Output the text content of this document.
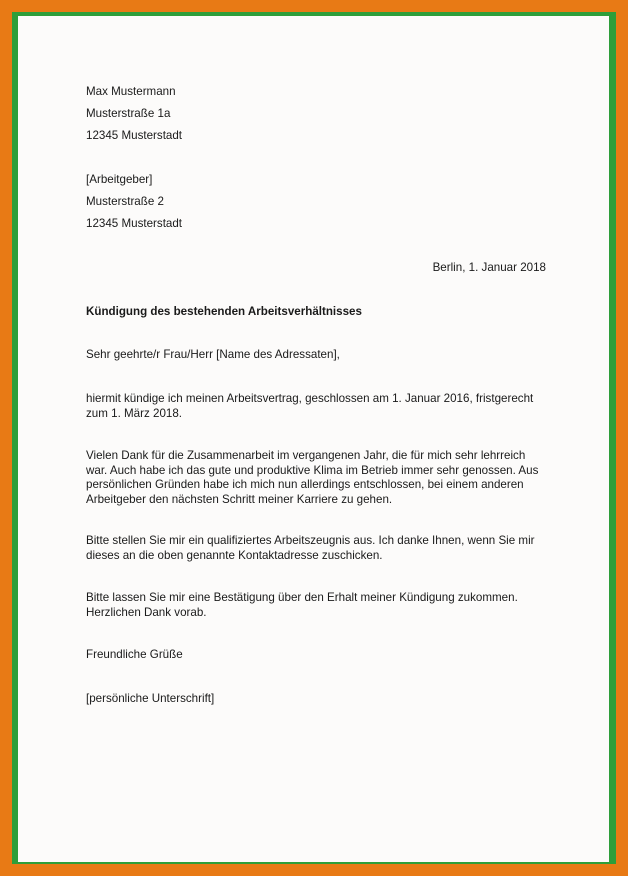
Max Mustermann
Musterstraße 1a
12345 Musterstadt
[Arbeitgeber]
Musterstraße 2
12345 Musterstadt
Berlin, 1. Januar 2018
Kündigung des bestehenden Arbeitsverhältnisses
Sehr geehrte/r Frau/Herr [Name des Adressaten],
hiermit kündige ich meinen Arbeitsvertrag, geschlossen am 1. Januar 2016, fristgerecht zum 1. März 2018.
Vielen Dank für die Zusammenarbeit im vergangenen Jahr, die für mich sehr lehrreich war. Auch habe ich das gute und produktive Klima im Betrieb immer sehr genossen. Aus persönlichen Gründen habe ich mich nun allerdings entschlossen, bei einem anderen Arbeitgeber den nächsten Schritt meiner Karriere zu gehen.
Bitte stellen Sie mir ein qualifiziertes Arbeitszeugnis aus. Ich danke Ihnen, wenn Sie mir dieses an die oben genannte Kontaktadresse zuschicken.
Bitte lassen Sie mir eine Bestätigung über den Erhalt meiner Kündigung zukommen. Herzlichen Dank vorab.
Freundliche Grüße
[persönliche Unterschrift]
